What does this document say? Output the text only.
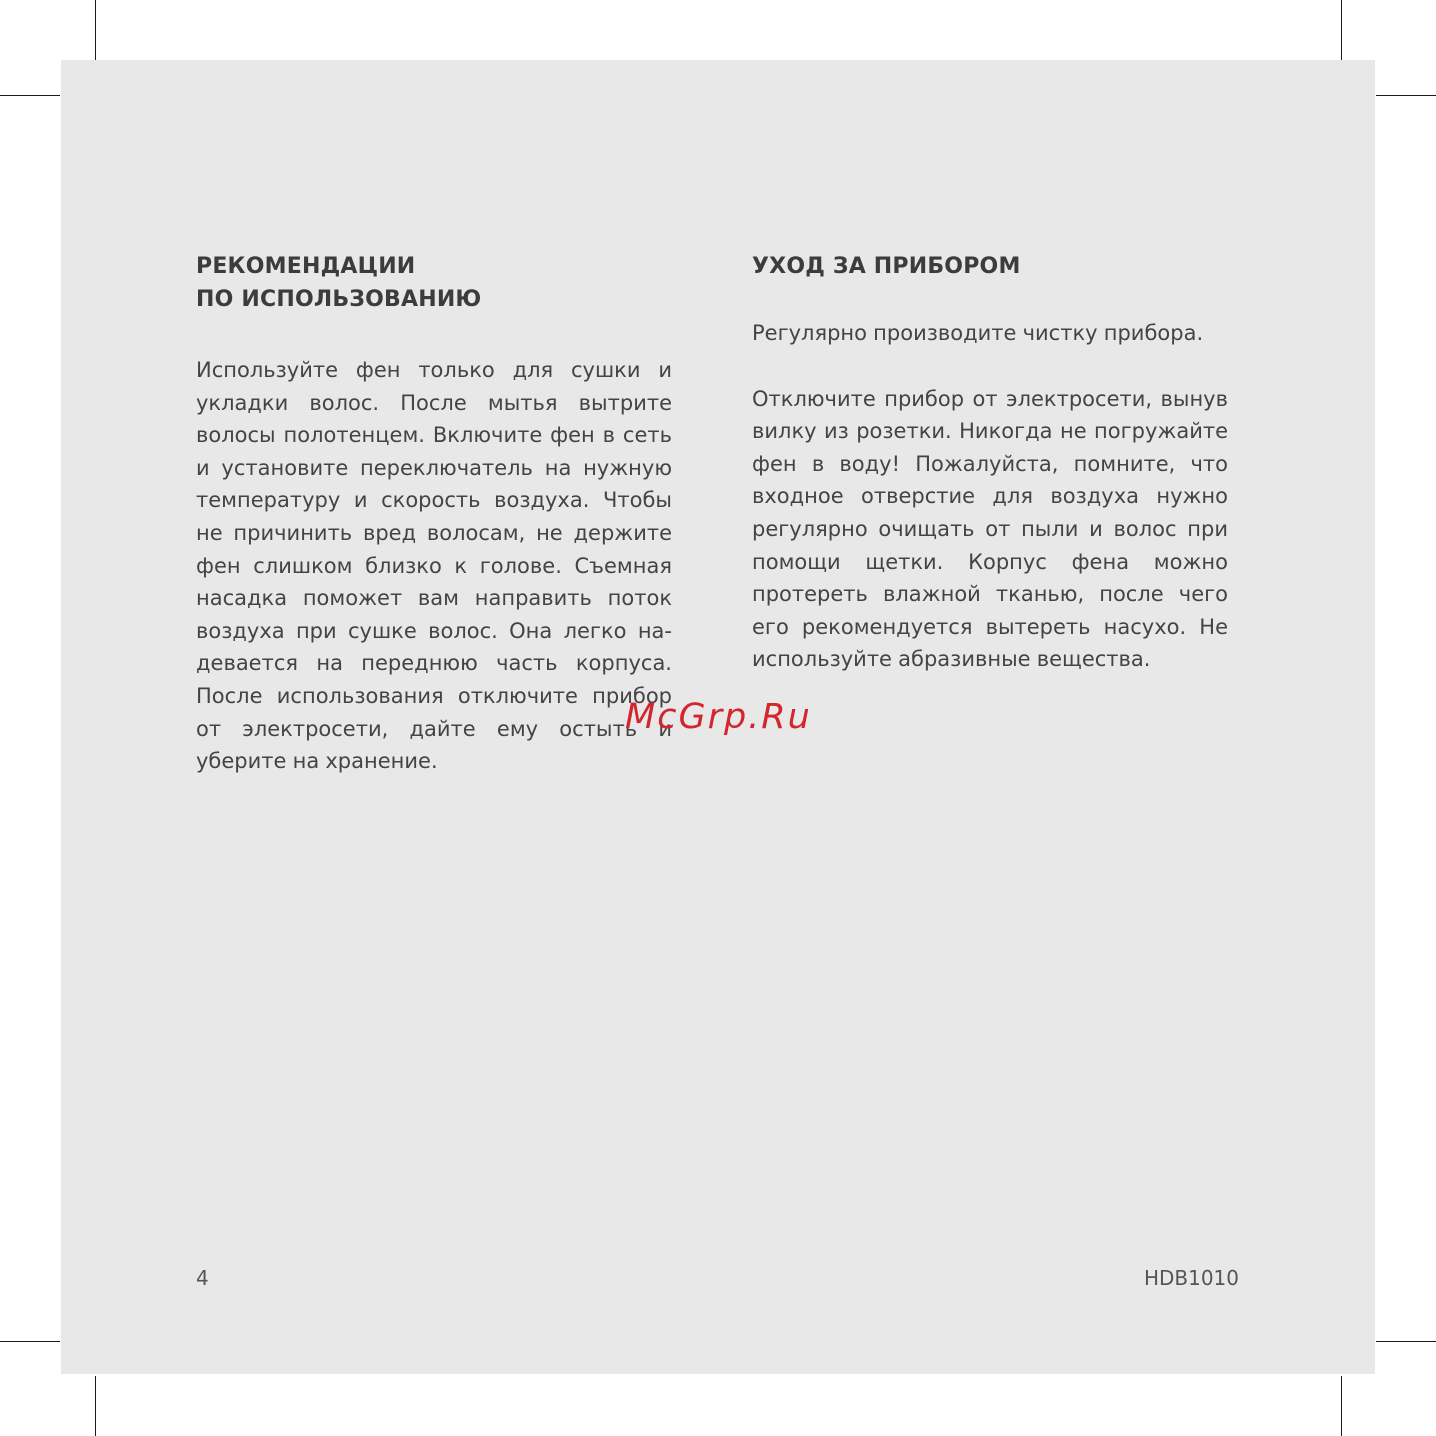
РЕКОМЕНДАЦИИ
ПО ИСПОЛЬЗОВАНИЮ

Используйте фен только для сушки и укладки волос. После мытья вытрите волосы полотенцем. Включите фен в сеть и установите переключатель на нужную температуру и скорость воздуха. Чтобы не причинить вред волосам, не держите фен слишком близко к голове. Съемная насадка поможет вам направить поток воздуха при сушке волос. Она легко надевается на переднюю часть корпуса. После использования отключите прибор от электросети, дайте ему остыть и уберите на хранение.

УХОД ЗА ПРИБОРОМ

Регулярно производите чистку прибора.

Отключите прибор от электросети, вынув вилку из розетки. Никогда не погружайте фен в воду! Пожалуйста, помните, что входное отверстие для воздуха нужно регулярно очищать от пыли и волос при помощи щетки. Корпус фена можно протереть влажной тканью, после чего его рекомендуется вытереть насухо. Не используйте абразивные вещества.

McGrp.Ru

4	HDB1010
